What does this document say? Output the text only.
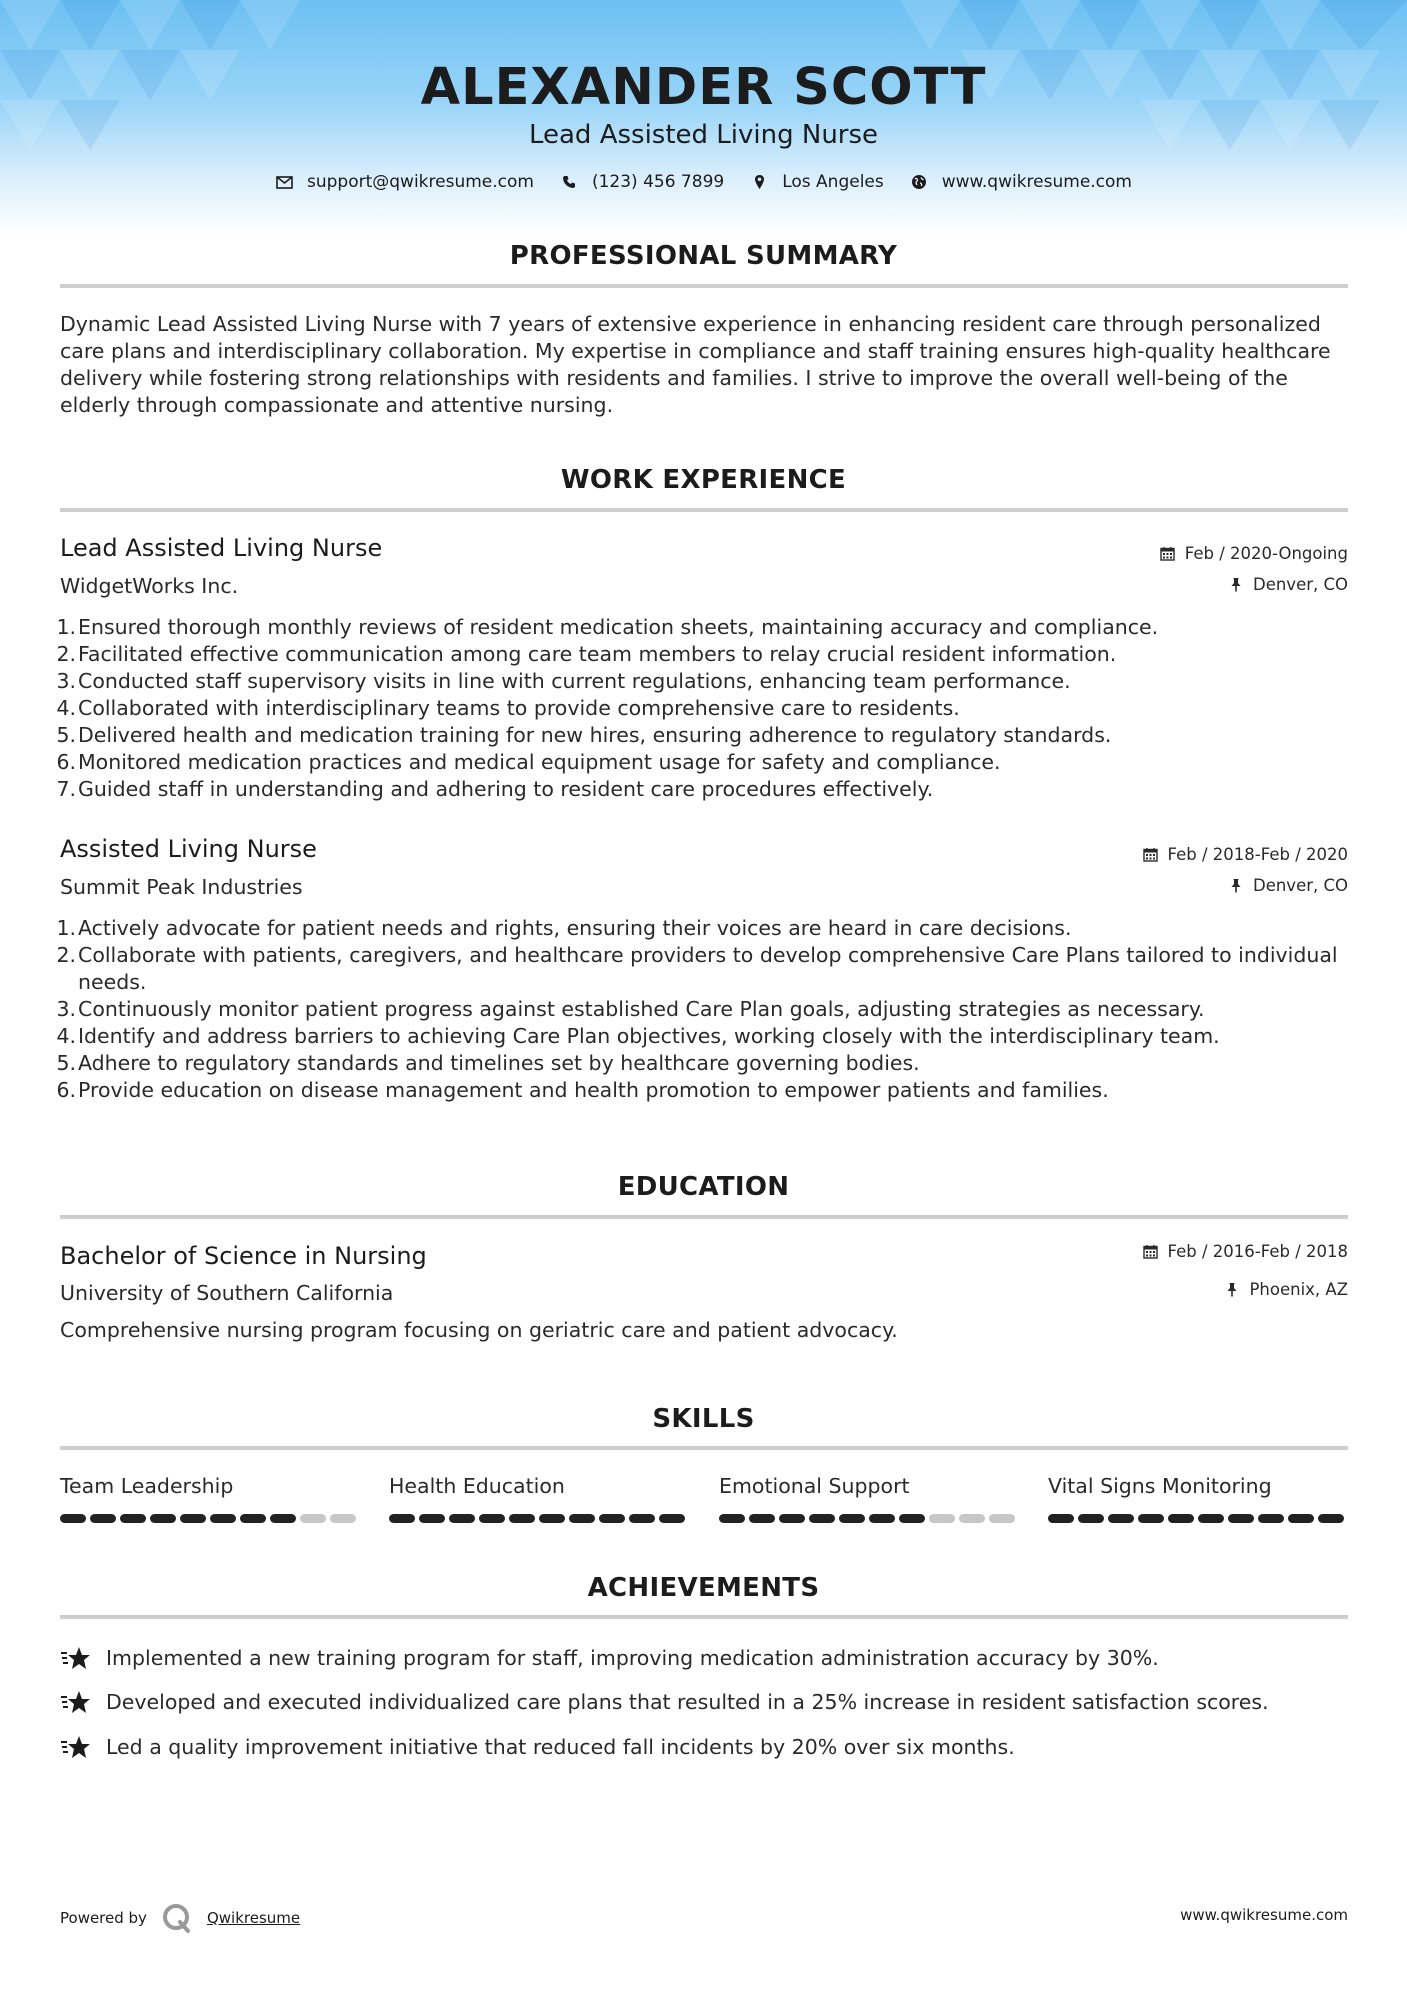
ALEXANDER SCOTT
Lead Assisted Living Nurse
support@qwikresume.com	(123) 456 7899	Los Angeles	www.qwikresume.com
PROFESSIONAL SUMMARY
Dynamic Lead Assisted Living Nurse with 7 years of extensive experience in enhancing resident care through personalized care plans and interdisciplinary collaboration. My expertise in compliance and staff training ensures high-quality healthcare delivery while fostering strong relationships with residents and families. I strive to improve the overall well-being of the elderly through compassionate and attentive nursing.
WORK EXPERIENCE
Lead Assisted Living Nurse
WidgetWorks Inc.
Feb / 2020-Ongoing
Denver, CO
1. Ensured thorough monthly reviews of resident medication sheets, maintaining accuracy and compliance.
2. Facilitated effective communication among care team members to relay crucial resident information.
3. Conducted staff supervisory visits in line with current regulations, enhancing team performance.
4. Collaborated with interdisciplinary teams to provide comprehensive care to residents.
5. Delivered health and medication training for new hires, ensuring adherence to regulatory standards.
6. Monitored medication practices and medical equipment usage for safety and compliance.
7. Guided staff in understanding and adhering to resident care procedures effectively.
Assisted Living Nurse
Summit Peak Industries
Feb / 2018-Feb / 2020
Denver, CO
1. Actively advocate for patient needs and rights, ensuring their voices are heard in care decisions.
2. Collaborate with patients, caregivers, and healthcare providers to develop comprehensive Care Plans tailored to individual needs.
3. Continuously monitor patient progress against established Care Plan goals, adjusting strategies as necessary.
4. Identify and address barriers to achieving Care Plan objectives, working closely with the interdisciplinary team.
5. Adhere to regulatory standards and timelines set by healthcare governing bodies.
6. Provide education on disease management and health promotion to empower patients and families.
EDUCATION
Bachelor of Science in Nursing
University of Southern California
Feb / 2016-Feb / 2018
Phoenix, AZ
Comprehensive nursing program focusing on geriatric care and patient advocacy.
SKILLS
Team Leadership	Health Education	Emotional Support	Vital Signs Monitoring
ACHIEVEMENTS
Implemented a new training program for staff, improving medication administration accuracy by 30%.
Developed and executed individualized care plans that resulted in a 25% increase in resident satisfaction scores.
Led a quality improvement initiative that reduced fall incidents by 20% over six months.
Powered by	Qwikresume	www.qwikresume.com
